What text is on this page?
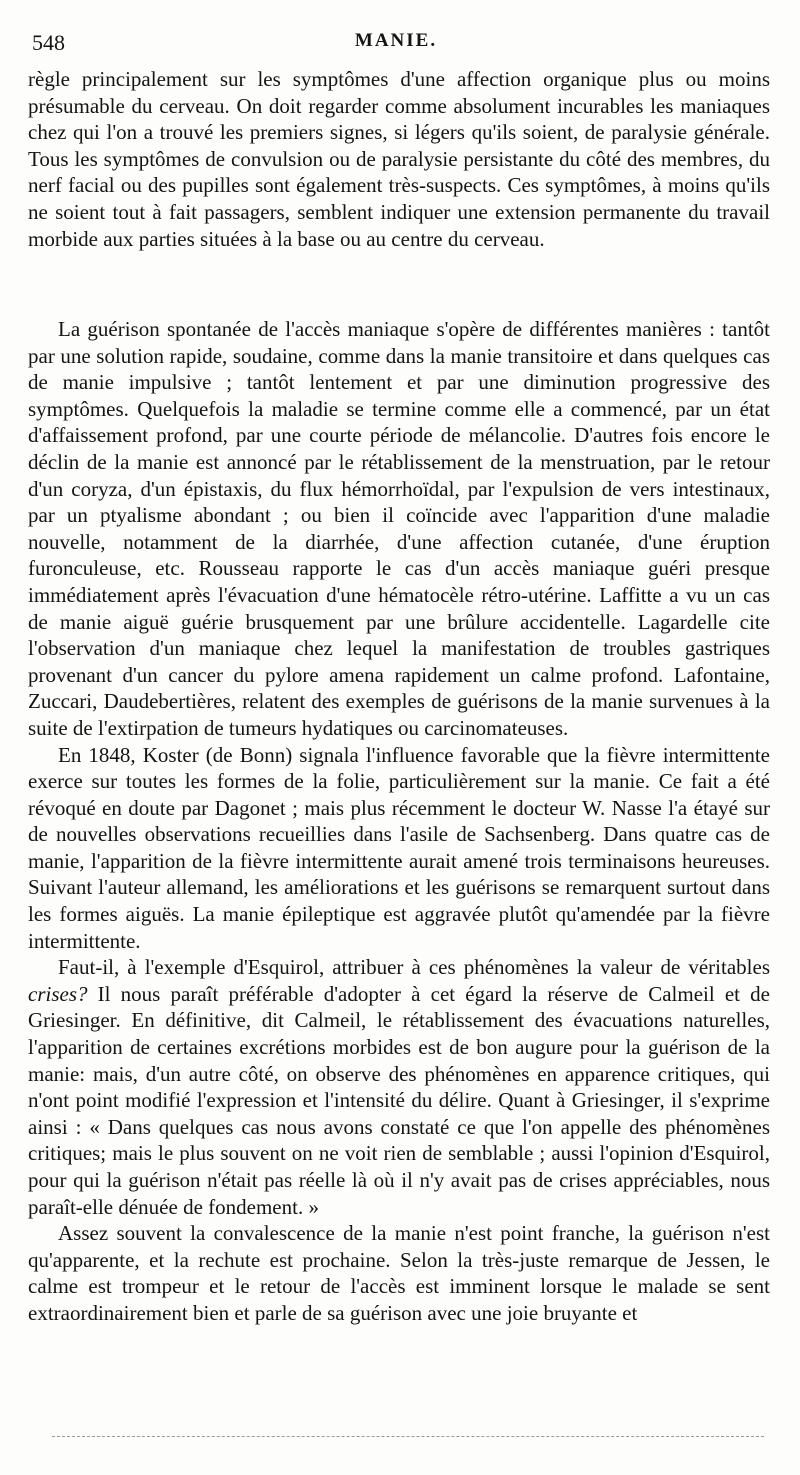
548	MANIE.

règle principalement sur les symptômes d'une affection organique plus ou moins présumable du cerveau. On doit regarder comme absolument incurables les maniaques chez qui l'on a trouvé les premiers signes, si légers qu'ils soient, de paralysie générale. Tous les symptômes de convulsion ou de paralysie persistante du côté des membres, du nerf facial ou des pupilles sont également très-suspects. Ces symptômes, à moins qu'ils ne soient tout à fait passagers, semblent indiquer une extension permanente du travail morbide aux parties situées à la base ou au centre du cerveau.

La guérison spontanée de l'accès maniaque s'opère de différentes manières : tantôt par une solution rapide, soudaine, comme dans la manie transitoire et dans quelques cas de manie impulsive ; tantôt lentement et par une diminution progressive des symptômes. Quelquefois la maladie se termine comme elle a commencé, par un état d'affaissement profond, par une courte période de mélancolie. D'autres fois encore le déclin de la manie est annoncé par le rétablissement de la menstruation, par le retour d'un coryza, d'un épistaxis, du flux hémorrhoïdal, par l'expulsion de vers intestinaux, par un ptyalisme abondant ; ou bien il coïncide avec l'apparition d'une maladie nouvelle, notamment de la diarrhée, d'une affection cutanée, d'une éruption furonculeuse, etc. Rousseau rapporte le cas d'un accès maniaque guéri presque immédiatement après l'évacuation d'une hématocèle rétro-utérine. Laffitte a vu un cas de manie aiguë guérie brusquement par une brûlure accidentelle. Lagardelle cite l'observation d'un maniaque chez lequel la manifestation de troubles gastriques provenant d'un cancer du pylore amena rapidement un calme profond. Lafontaine, Zuccari, Daudebertières, relatent des exemples de guérisons de la manie survenues à la suite de l'extirpation de tumeurs hydatiques ou carcinomateuses.

En 1848, Koster (de Bonn) signala l'influence favorable que la fièvre intermittente exerce sur toutes les formes de la folie, particulièrement sur la manie. Ce fait a été révoqué en doute par Dagonet ; mais plus récemment le docteur W. Nasse l'a étayé sur de nouvelles observations recueillies dans l'asile de Sachsenberg. Dans quatre cas de manie, l'apparition de la fièvre intermittente aurait amené trois terminaisons heureuses. Suivant l'auteur allemand, les améliorations et les guérisons se remarquent surtout dans les formes aiguës. La manie épileptique est aggravée plutôt qu'amendée par la fièvre intermittente.

Faut-il, à l'exemple d'Esquirol, attribuer à ces phénomènes la valeur de véritables crises? Il nous paraît préférable d'adopter à cet égard la réserve de Calmeil et de Griesinger. En définitive, dit Calmeil, le rétablissement des évacuations naturelles, l'apparition de certaines excrétions morbides est de bon augure pour la guérison de la manie: mais, d'un autre côté, on observe des phénomènes en apparence critiques, qui n'ont point modifié l'expression et l'intensité du délire. Quant à Griesinger, il s'exprime ainsi : « Dans quelques cas nous avons constaté ce que l'on appelle des phénomènes critiques; mais le plus souvent on ne voit rien de semblable ; aussi l'opinion d'Esquirol, pour qui la guérison n'était pas réelle là où il n'y avait pas de crises appréciables, nous paraît-elle dénuée de fondement. »

Assez souvent la convalescence de la manie n'est point franche, la guérison n'est qu'apparente, et la rechute est prochaine. Selon la très-juste remarque de Jessen, le calme est trompeur et le retour de l'accès est imminent lorsque le malade se sent extraordinairement bien et parle de sa guérison avec une joie bruyante et
